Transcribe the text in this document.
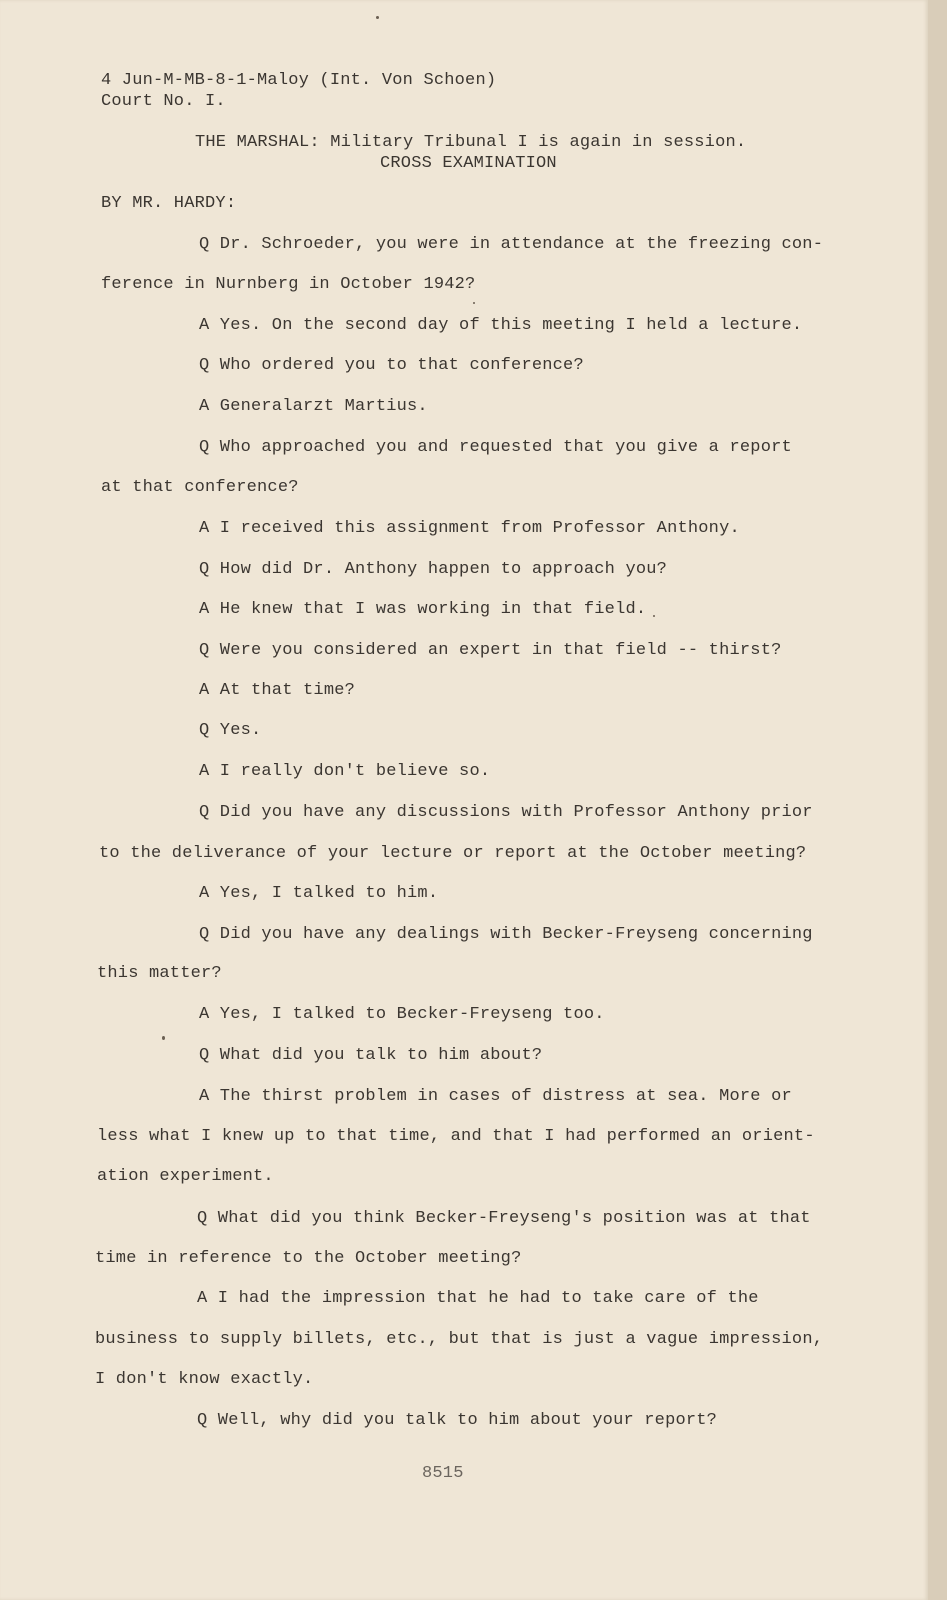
4 Jun-M-MB-8-1-Maloy (Int. Von Schoen)
Court No. I.
THE MARSHAL: Military Tribunal I is again in session.
CROSS EXAMINATION
BY MR. HARDY:
Q Dr. Schroeder, you were in attendance at the freezing con-
ference in Nurnberg in October 1942?
A Yes. On the second day of this meeting I held a lecture.
Q Who ordered you to that conference?
A Generalarzt Martius.
Q Who approached you and requested that you give a report
at that conference?
A I received this assignment from Professor Anthony.
Q How did Dr. Anthony happen to approach you?
A He knew that I was working in that field.
Q Were you considered an expert in that field -- thirst?
A At that time?
Q Yes.
A I really don't believe so.
Q Did you have any discussions with Professor Anthony prior
to the deliverance of your lecture or report at the October meeting?
A Yes, I talked to him.
Q Did you have any dealings with Becker-Freyseng concerning
this matter?
A Yes, I talked to Becker-Freyseng too.
Q What did you talk to him about?
A The thirst problem in cases of distress at sea. More or
less what I knew up to that time, and that I had performed an orient-
ation experiment.
Q What did you think Becker-Freyseng's position was at that
time in reference to the October meeting?
A I had the impression that he had to take care of the
business to supply billets, etc., but that is just a vague impression,
I don't know exactly.
Q Well, why did you talk to him about your report?
8515
